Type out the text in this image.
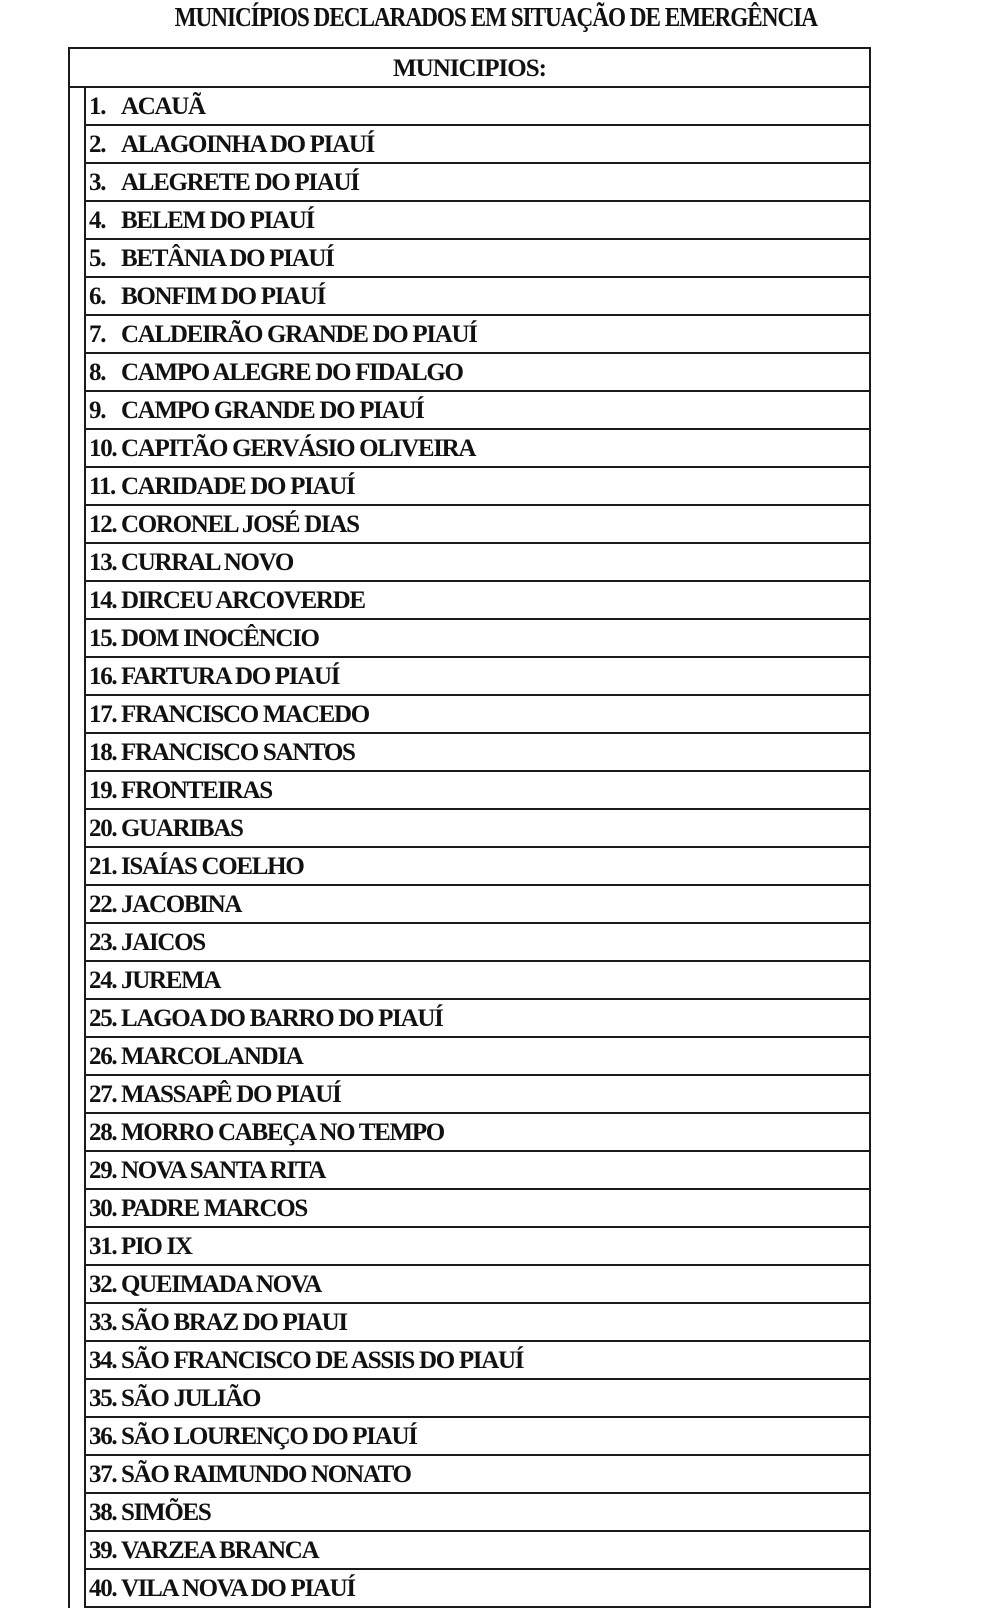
MUNICÍPIOS DECLARADOS EM SITUAÇÃO DE EMERGÊNCIA
MUNICIPIOS:
1. ACAUÃ
2. ALAGOINHA DO PIAUÍ
3. ALEGRETE DO PIAUÍ
4. BELEM DO PIAUÍ
5. BETÂNIA DO PIAUÍ
6. BONFIM DO PIAUÍ
7. CALDEIRÃO GRANDE DO PIAUÍ
8. CAMPO ALEGRE DO FIDALGO
9. CAMPO GRANDE DO PIAUÍ
10. CAPITÃO GERVÁSIO OLIVEIRA
11. CARIDADE DO PIAUÍ
12. CORONEL JOSÉ DIAS
13. CURRAL NOVO
14. DIRCEU ARCOVERDE
15. DOM INOCÊNCIO
16. FARTURA DO PIAUÍ
17. FRANCISCO MACEDO
18. FRANCISCO SANTOS
19. FRONTEIRAS
20. GUARIBAS
21. ISAÍAS COELHO
22. JACOBINA
23. JAICOS
24. JUREMA
25. LAGOA DO BARRO DO PIAUÍ
26. MARCOLANDIA
27. MASSAPÊ DO PIAUÍ
28. MORRO CABEÇA NO TEMPO
29. NOVA SANTA RITA
30. PADRE MARCOS
31. PIO IX
32. QUEIMADA NOVA
33. SÃO BRAZ DO PIAUI
34. SÃO FRANCISCO DE ASSIS DO PIAUÍ
35. SÃO JULIÃO
36. SÃO LOURENÇO DO PIAUÍ
37. SÃO RAIMUNDO NONATO
38. SIMÕES
39. VARZEA BRANCA
40. VILA NOVA DO PIAUÍ
